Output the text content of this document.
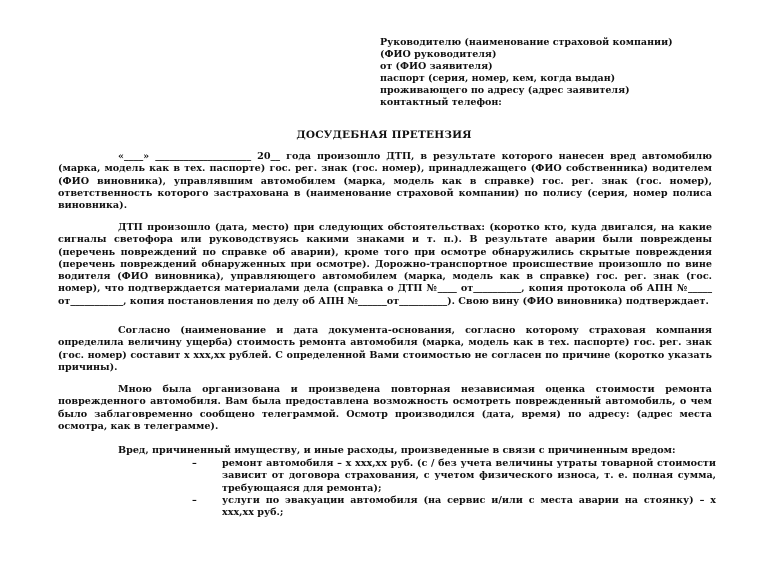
Руководителю (наименование страховой компании)
(ФИО руководителя)
от (ФИО заявителя)
паспорт (серия, номер, кем, когда выдан)
проживающего по адресу (адрес заявителя)
контактный телефон:
ДОСУДЕБНАЯ ПРЕТЕНЗИЯ

«____» ____________________ 20__ года произошло ДТП, в результате которого нанесен вред автомобилю (марка, модель как в тех. паспорте) гос. рег. знак (гос. номер), принадлежащего (ФИО собственника) водителем (ФИО виновника), управлявшим автомобилем (марка, модель как в справке) гос. рег. знак (гос. номер), ответственность которого застрахована в (наименование страховой компании) по полису (серия, номер полиса виновника).

ДТП произошло (дата, место) при следующих обстоятельствах: (коротко кто, куда двигался, на какие сигналы светофора или руководствуясь какими знаками и т. п.). В результате аварии были повреждены (перечень повреждений по справке об аварии), кроме того при осмотре обнаружились скрытые повреждения (перечень повреждений обнаруженных при осмотре). Дорожно-транспортное происшествие произошло по вине водителя (ФИО виновника), управляющего автомобилем (марка, модель как в справке) гос. рег. знак (гос. номер), что подтверждается материалами дела (справка о ДТП №____ от__________, копия протокола об АПН №_____ от___________, копия постановления по делу об АПН №______от__________). Свою вину (ФИО виновника) подтверждает.

Согласно (наименование и дата документа-основания, согласно которому страховая компания определила величину ущерба) стоимость ремонта автомобиля (марка, модель как в тех. паспорте) гос. рег. знак (гос. номер) составит х ххх,хх рублей. С определенной Вами стоимостью не согласен по причине (коротко указать причины).

Мною была организована и произведена повторная независимая оценка стоимости ремонта поврежденного автомобиля. Вам была предоставлена возможность осмотреть поврежденный автомобиль, о чем было заблаговременно сообщено телеграммой. Осмотр производился (дата, время) по адресу: (адрес места осмотра, как в телеграмме).

Вред, причиненный имуществу, и иные расходы, произведенные в связи с причиненным вредом:

–	ремонт автомобиля – х ххх,хх руб. (с / без учета величины утраты товарной стоимости зависит от договора страхования, с учетом физического износа, т. е. полная сумма, требующаяся для ремонта);
–	услуги по эвакуации автомобиля (на сервис и/или с места аварии на стоянку) – х ххх,хх руб.;
